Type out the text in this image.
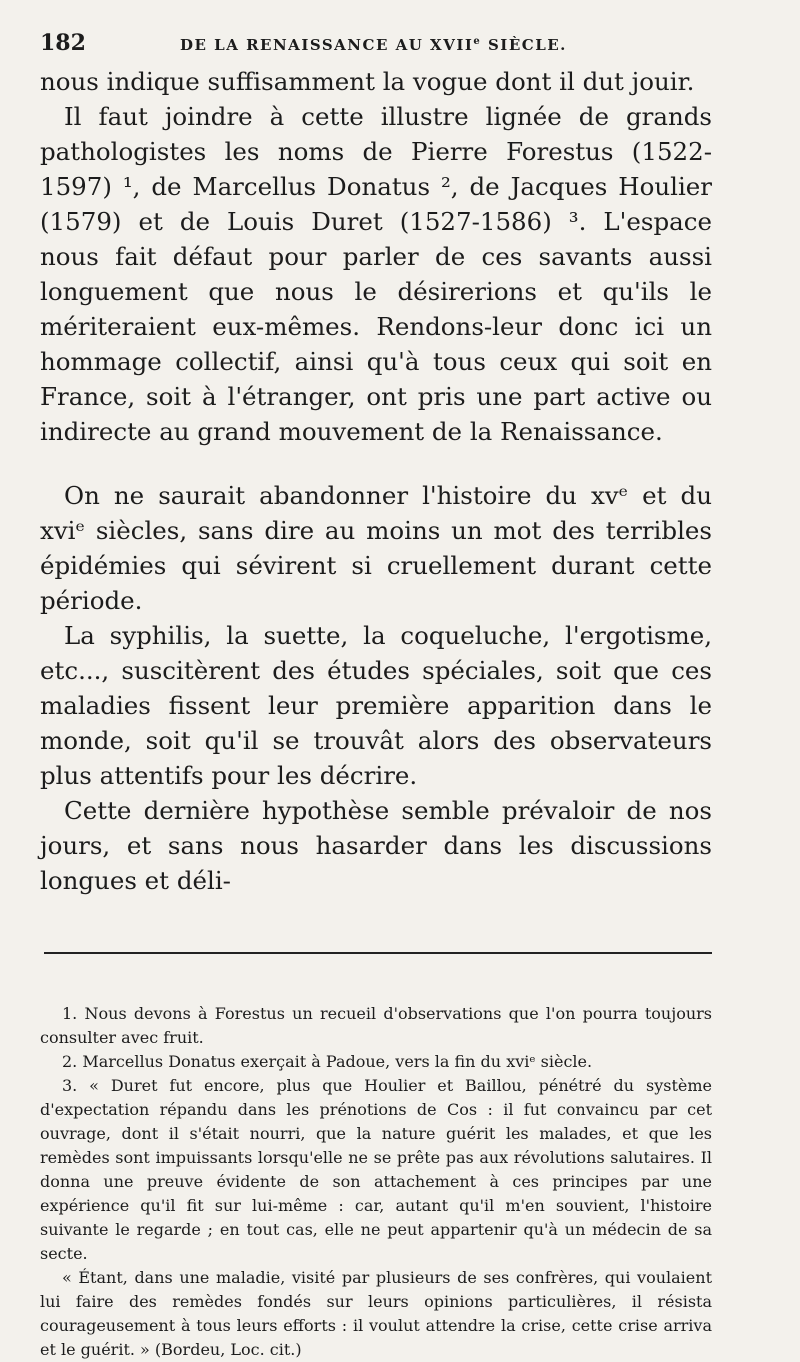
182	DE LA RENAISSANCE AU XVIIe SIÈCLE.

nous indique suffisamment la vogue dont il dut jouir.

Il faut joindre à cette illustre lignée de grands pathologistes les noms de Pierre Forestus (1522-1597) ¹, de Marcellus Donatus ², de Jacques Houlier (1579) et de Louis Duret (1527-1586) ³. L'espace nous fait défaut pour parler de ces savants aussi longuement que nous le désirerions et qu'ils le mériteraient eux-mêmes. Rendons-leur donc ici un hommage collectif, ainsi qu'à tous ceux qui soit en France, soit à l'étranger, ont pris une part active ou indirecte au grand mouvement de la Renaissance.

On ne saurait abandonner l'histoire du xvᵉ et du xviᵉ siècles, sans dire au moins un mot des terribles épidémies qui sévirent si cruellement durant cette période.

La syphilis, la suette, la coqueluche, l'ergotisme, etc..., suscitèrent des études spéciales, soit que ces maladies fissent leur première apparition dans le monde, soit qu'il se trouvât alors des observateurs plus attentifs pour les décrire.

Cette dernière hypothèse semble prévaloir de nos jours, et sans nous hasarder dans les discussions longues et déli-

1. Nous devons à Forestus un recueil d'observations que l'on pourra toujours consulter avec fruit.

2. Marcellus Donatus exerçait à Padoue, vers la fin du xviᵉ siècle.

3. « Duret fut encore, plus que Houlier et Baillou, pénétré du système d'expectation répandu dans les prénotions de Cos : il fut convaincu par cet ouvrage, dont il s'était nourri, que la nature guérit les malades, et que les remèdes sont impuissants lorsqu'elle ne se prête pas aux révolutions salutaires. Il donna une preuve évidente de son attachement à ces principes par une expérience qu'il fit sur lui-même : car, autant qu'il m'en souvient, l'histoire suivante le regarde ; en tout cas, elle ne peut appartenir qu'à un médecin de sa secte.

« Étant, dans une maladie, visité par plusieurs de ses confrères, qui voulaient lui faire des remèdes fondés sur leurs opinions particulières, il résista courageusement à tous leurs efforts : il voulut attendre la crise, cette crise arriva et le guérit. » (Bordeu, Loc. cit.)
